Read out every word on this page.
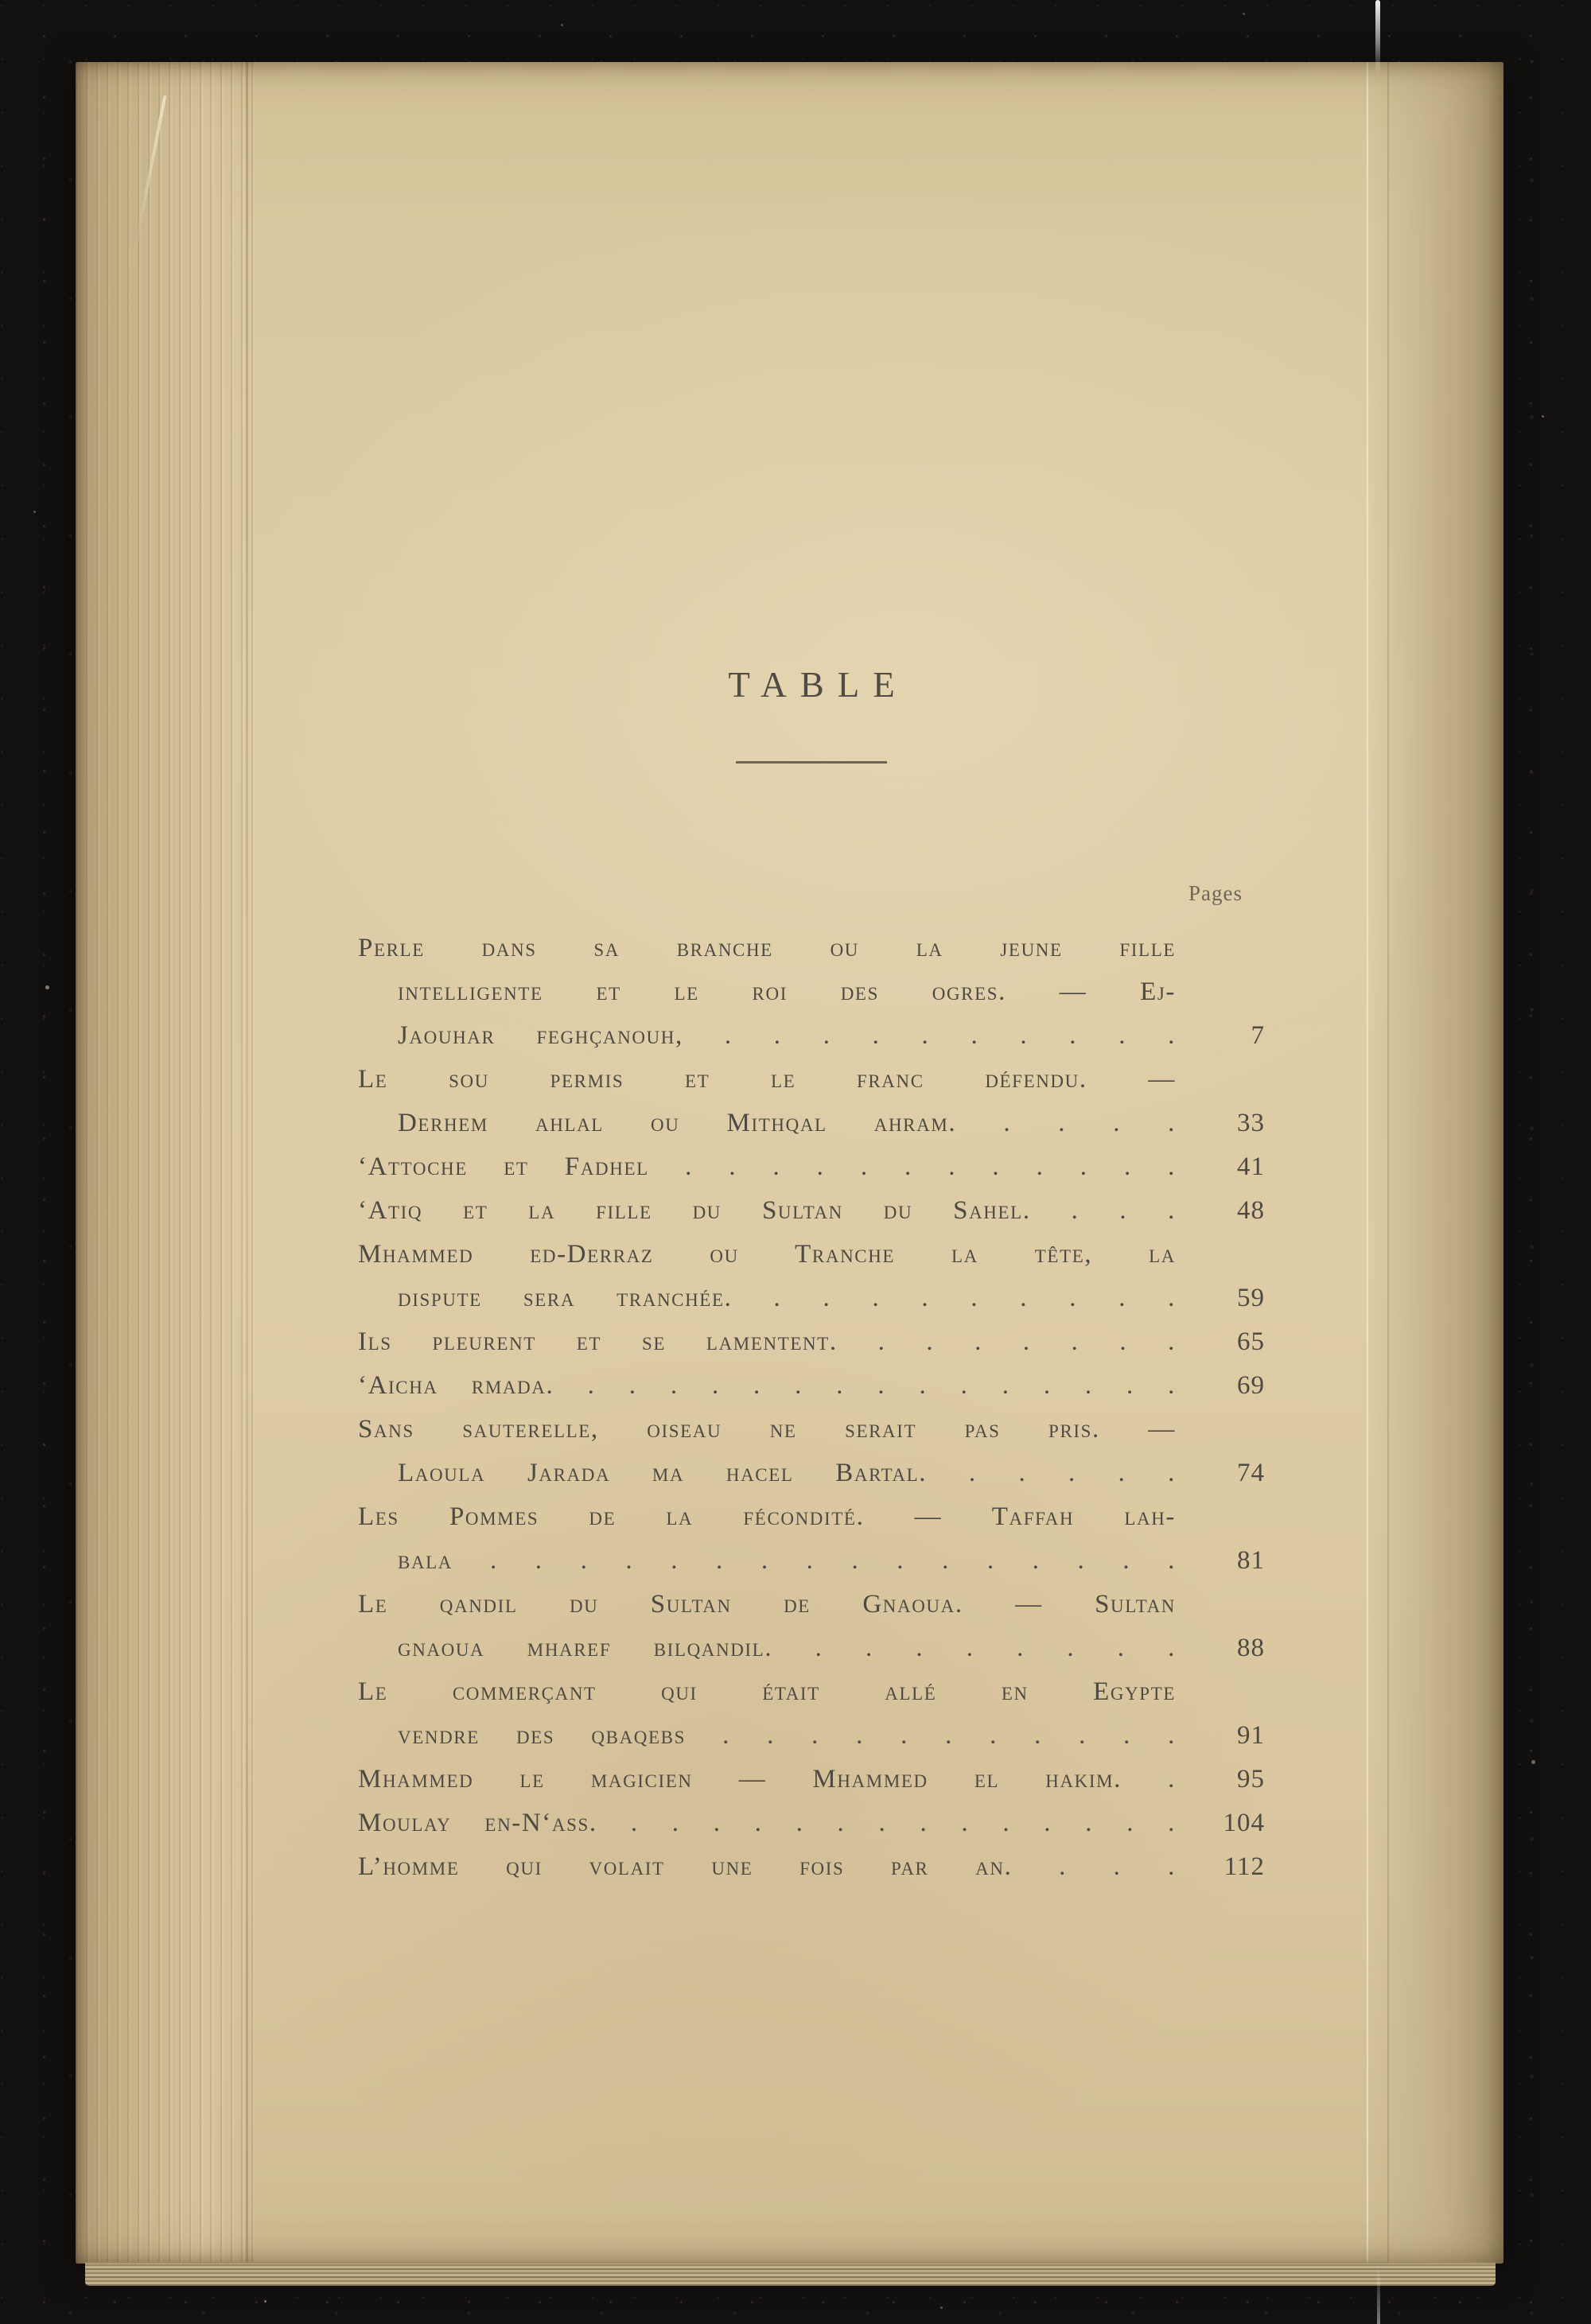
TABLE
Pages
Perle dans sa branche ou la jeune fille
intelligente et le roi des ogres. — Ej-
Jaouhar feghçanouh, . . . . . . . . . .	7
Le sou permis et le franc défendu. —
Derhem ahlal ou Mithqal ahram. . . . .	33
‘Attoche et Fadhel . . . . . . . . . . . .	41
‘Atiq et la fille du Sultan du Sahel. . . .	48
Mhammed ed-Derraz ou Tranche la tête, la
dispute sera tranchée. . . . . . . . . .	59
Ils pleurent et se lamentent. . . . . . . .	65
‘Aicha rmada. . . . . . . . . . . . . . . .	69
Sans sauterelle, oiseau ne serait pas pris. —
Laoula Jarada ma hacel Bartal. . . . . .	74
Les Pommes de la fécondité. — Taffah lah-
bala . . . . . . . . . . . . . . . .	81
Le qandil du Sultan de Gnaoua. — Sultan
gnaoua mharef bilqandil. . . . . . . . .	88
Le commerçant qui était allé en Egypte
vendre des qbaqebs . . . . . . . . . . .	91
Mhammed le magicien — Mhammed el hakim. .	95
Moulay en-N‘ass. . . . . . . . . . . . . . .	104
L’homme qui volait une fois par an. . . .	112
